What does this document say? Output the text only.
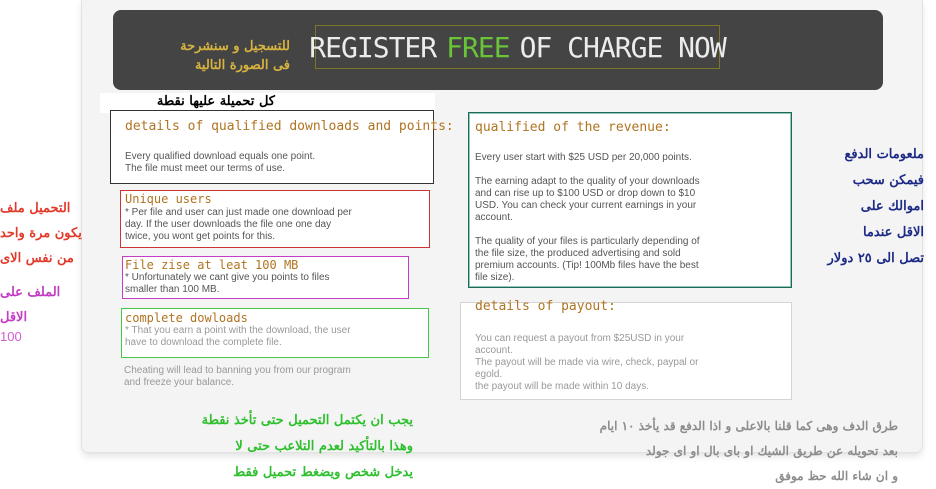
للتسجيل و سنشرحة
فى الصورة التالية
REGISTER FREE OF CHARGE NOW
كل تحميلة عليها نقطة
details of qualified downloads and points:
Every qualified download equals one point.
The file must meet our terms of use.
Unique users
* Per file and user can just made one download per
day. If the user downloads the file one one day
twice, you wont get points for this.
File zise at leat 100 MB
* Unfortunately we cant give you points to files
smaller than 100 MB.
complete dowloads
* That you earn a point with the download, the user
have to download the complete file.
Cheating will lead to banning you from our program
and freeze your balance.
qualified of the revenue:
Every user start with $25 USD per 20,000 points.
The earning adapt to the quality of your downloads
and can rise up to $100 USD or drop down to $10
USD. You can check your current earnings in your
account.
The quality of your files is particularly depending of
the file size, the produced advertising and sold
premium accounts. (Tip! 100Mb files have the best
file size).
details of payout:
You can request a payout from $25USD in your
account.
The payout will be made via wire, check, paypal or
egold.
the payout will be made within 10 days.
التحميل ملف
يكون مرة واحد
من نفس الاى
الملف على الاقل

100
ملعومات الدفع
فيمكن سحب
اموالك على
الاقل عندما
تصل الى ٢٥ دولار
يجب ان يكتمل التحميل حتى تأخذ نقطة
وهذا بالتأكيد لعدم التلاعب حتى لا
يدخل شخص ويضغط تحميل فقط
طرق الدف وهى كما قلنا بالاعلى و اذا الدفع قد يأخذ ١٠ ايام
بعد تحويله عن طريق الشيك او باى بال او اى جولد
و ان شاء الله حظ موفق
